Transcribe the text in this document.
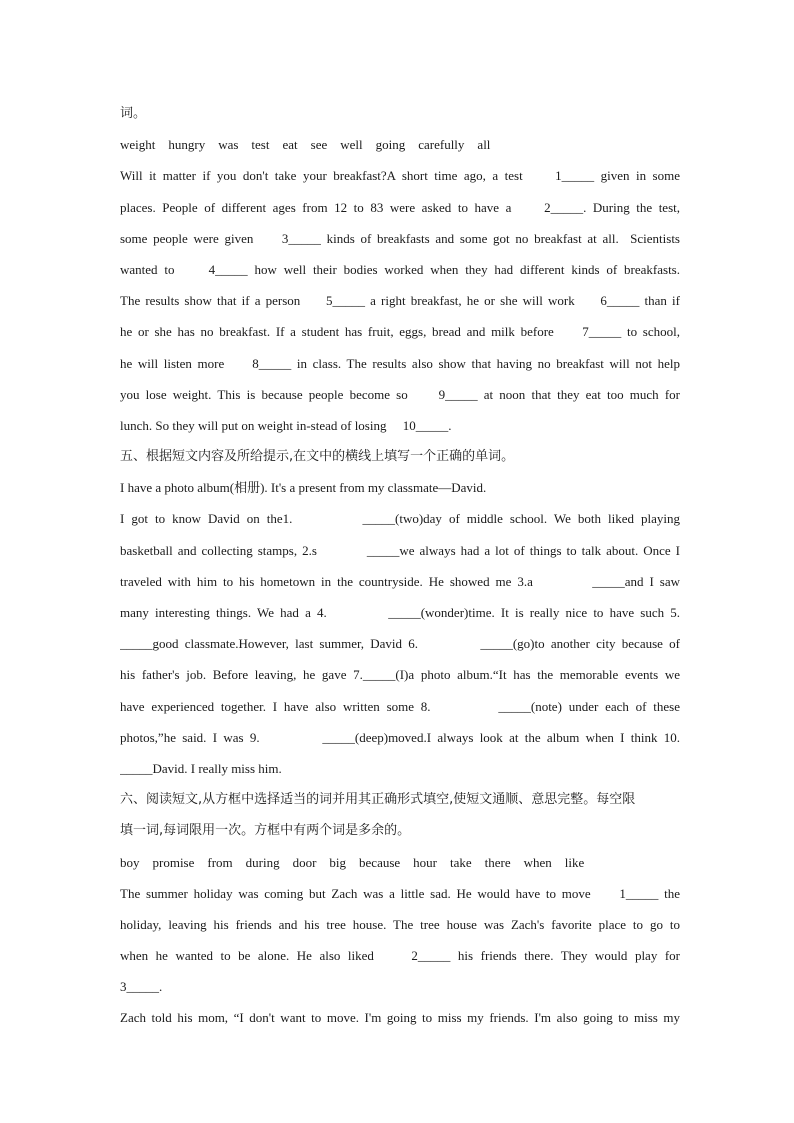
词。
weight    hungry    was    test    eat    see    well    going    carefully    all
Will it matter if you don't take your breakfast?A short time ago, a test     1_____ given in some
places. People of different ages from 12 to 83 were asked to have a     2_____. During the test,
some people were given     3_____ kinds of breakfasts and some got no breakfast at all.  Scientists
wanted to     4_____ how well their bodies worked when they had different kinds of breakfasts.
The results show that if a person     5_____ a right breakfast, he or she will work     6_____ than if
he or she has no breakfast. If a student has fruit, eggs, bread and milk before     7_____ to school,
he will listen more     8_____ in class. The results also show that having no breakfast will not help
you lose weight. This is because people become so     9_____ at noon that they eat too much for
lunch. So they will put on weight in-stead of losing     10_____.
五、根据短文内容及所给提示,在文中的横线上填写一个正确的单词。
I have a photo album(相册). It's a present from my classmate—David.
I got to know David on the1.          _____(two)day of middle school. We both liked playing
basketball and collecting stamps, 2.s          _____we always had a lot of things to talk about. Once I
traveled with him to his hometown in the countryside. He showed me 3.a          _____and I saw
many interesting things. We had a 4.          _____(wonder)time. It is really nice to have such 5.
_____good classmate.However, last summer, David 6.          _____(go)to another city because of
his father's job. Before leaving, he gave 7._____(I)a photo album.“It has the memorable events we
have experienced together. I have also written some 8.          _____(note) under each of these
photos,”he said. I was 9.          _____(deep)moved.I always look at the album when I think 10.
_____David. I really miss him.
六、阅读短文,从方框中选择适当的词并用其正确形式填空,使短文通顺、意思完整。每空限
填一词,每词限用一次。方框中有两个词是多余的。
boy    promise    from    during    door    big    because    hour    take    there    when    like
The summer holiday was coming but Zach was a little sad. He would have to move     1_____ the
holiday, leaving his friends and his tree house. The tree house was Zach's favorite place to go to
when he wanted to be alone. He also liked     2_____ his friends there. They would play for
3_____.
Zach told his mom, “I don't want to move. I'm going to miss my friends. I'm also going to miss my
